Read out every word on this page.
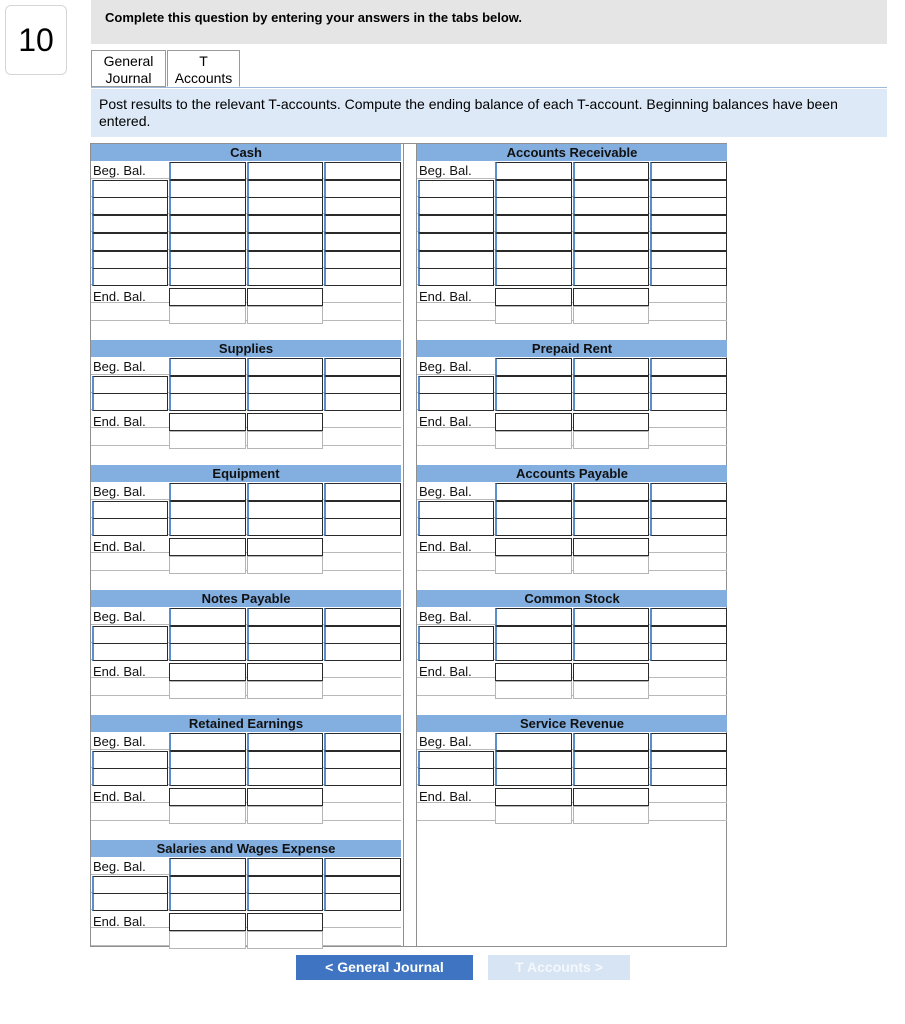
10
Complete this question by entering your answers in the tabs below.
General
Journal
T
Accounts
Post results to the relevant T-accounts. Compute the ending balance of each T-account. Beginning balances have been entered.
Cash
Beg. Bal.
End. Bal.
Accounts Receivable
Beg. Bal.
End. Bal.
Supplies
Beg. Bal.
End. Bal.
Prepaid Rent
Beg. Bal.
End. Bal.
Equipment
Beg. Bal.
End. Bal.
Accounts Payable
Beg. Bal.
End. Bal.
Notes Payable
Beg. Bal.
End. Bal.
Common Stock
Beg. Bal.
End. Bal.
Retained Earnings
Beg. Bal.
End. Bal.
Service Revenue
Beg. Bal.
End. Bal.
Salaries and Wages Expense
Beg. Bal.
End. Bal.
< General Journal	T Accounts >
